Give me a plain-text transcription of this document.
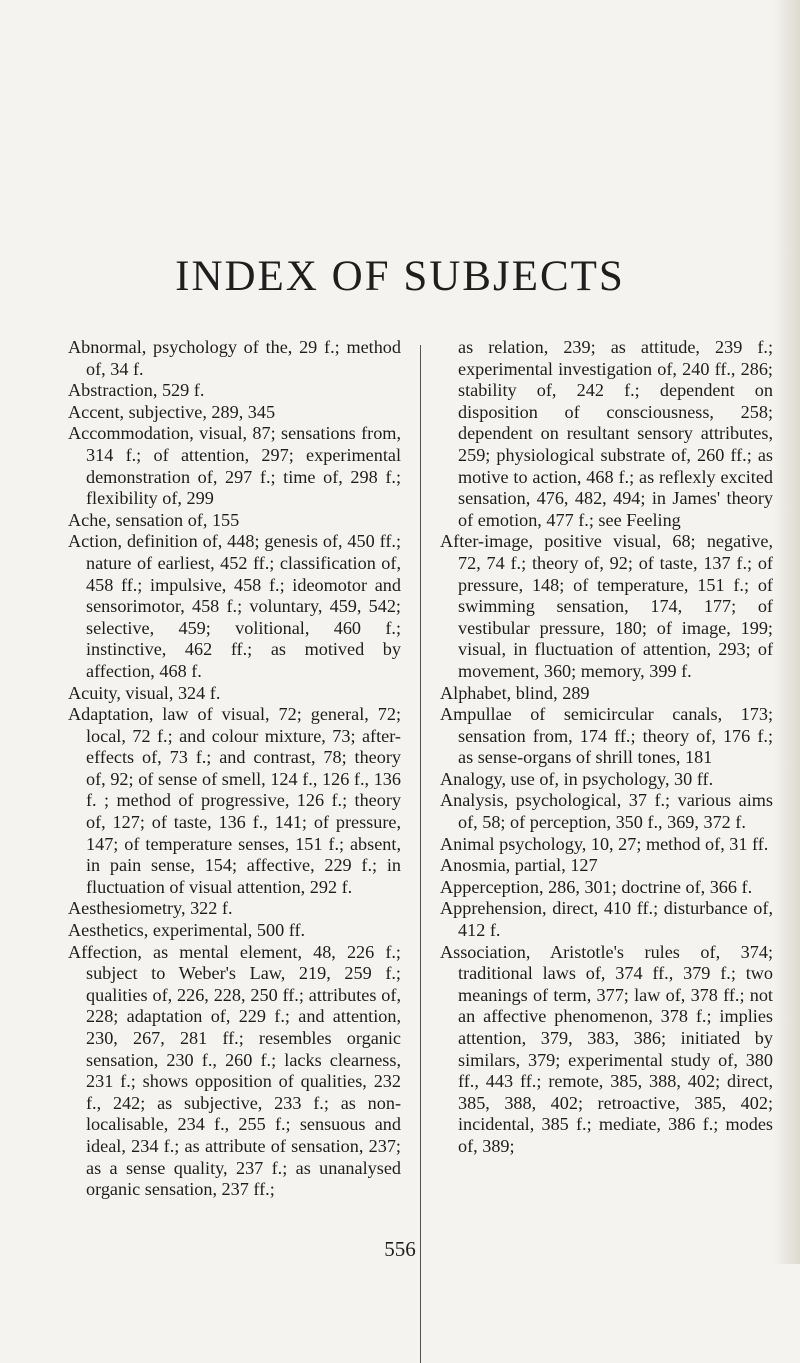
INDEX OF SUBJECTS

Abnormal, psychology of the, 29 f.; method of, 34 f.

Abstraction, 529 f.

Accent, subjective, 289, 345

Accommodation, visual, 87; sensations from, 314 f.; of attention, 297; experimental demonstration of, 297 f.; time of, 298 f.; flexibility of, 299

Ache, sensation of, 155

Action, definition of, 448; genesis of, 450 ff.; nature of earliest, 452 ff.; classification of, 458 ff.; impulsive, 458 f.; ideomotor and sensorimotor, 458 f.; voluntary, 459, 542; selective, 459; volitional, 460 f.; instinctive, 462 ff.; as motived by affection, 468 f.

Acuity, visual, 324 f.

Adaptation, law of visual, 72; general, 72; local, 72 f.; and colour mixture, 73; after-effects of, 73 f.; and contrast, 78; theory of, 92; of sense of smell, 124 f., 126 f., 136 f. ; method of progressive, 126 f.; theory of, 127; of taste, 136 f., 141; of pressure, 147; of temperature senses, 151 f.; absent, in pain sense, 154; affective, 229 f.; in fluctuation of visual attention, 292 f.

Aesthesiometry, 322 f.

Aesthetics, experimental, 500 ff.

Affection, as mental element, 48, 226 f.; subject to Weber's Law, 219, 259 f.; qualities of, 226, 228, 250 ff.; attributes of, 228; adaptation of, 229 f.; and attention, 230, 267, 281 ff.; resembles organic sensation, 230 f., 260 f.; lacks clearness, 231 f.; shows opposition of qualities, 232 f., 242; as subjective, 233 f.; as non-localisable, 234 f., 255 f.; sensuous and ideal, 234 f.; as attribute of sensation, 237; as a sense quality, 237 f.; as unanalysed organic sensation, 237 ff.;

as relation, 239; as attitude, 239 f.; experimental investigation of, 240 ff., 286; stability of, 242 f.; dependent on disposition of consciousness, 258; dependent on resultant sensory attributes, 259; physiological substrate of, 260 ff.; as motive to action, 468 f.; as reflexly excited sensation, 476, 482, 494; in James' theory of emotion, 477 f.; see Feeling

After-image, positive visual, 68; negative, 72, 74 f.; theory of, 92; of taste, 137 f.; of pressure, 148; of temperature, 151 f.; of swimming sensation, 174, 177; of vestibular pressure, 180; of image, 199; visual, in fluctuation of attention, 293; of movement, 360; memory, 399 f.

Alphabet, blind, 289

Ampullae of semicircular canals, 173; sensation from, 174 ff.; theory of, 176 f.; as sense-organs of shrill tones, 181

Analogy, use of, in psychology, 30 ff.

Analysis, psychological, 37 f.; various aims of, 58; of perception, 350 f., 369, 372 f.

Animal psychology, 10, 27; method of, 31 ff.

Anosmia, partial, 127

Apperception, 286, 301; doctrine of, 366 f.

Apprehension, direct, 410 ff.; disturbance of, 412 f.

Association, Aristotle's rules of, 374; traditional laws of, 374 ff., 379 f.; two meanings of term, 377; law of, 378 ff.; not an affective phenomenon, 378 f.; implies attention, 379, 383, 386; initiated by similars, 379; experimental study of, 380 ff., 443 ff.; remote, 385, 388, 402; direct, 385, 388, 402; retroactive, 385, 402; incidental, 385 f.; mediate, 386 f.; modes of, 389;

556
